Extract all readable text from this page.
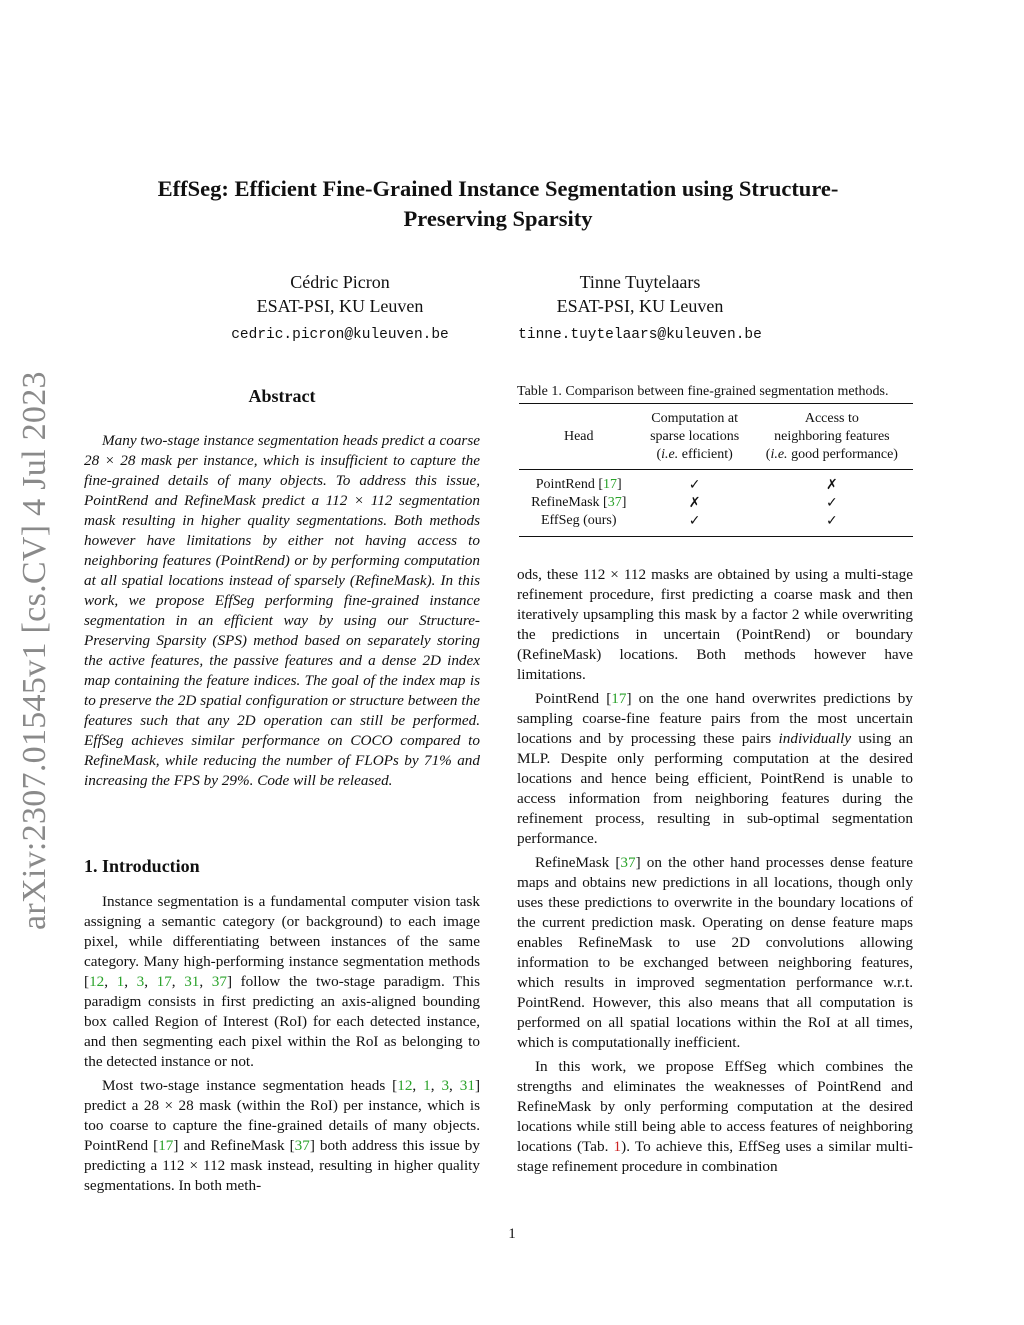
arXiv:2307.01545v1 [cs.CV] 4 Jul 2023
EffSeg: Efficient Fine-Grained Instance Segmentation using Structure-Preserving Sparsity
Cédric Picron
ESAT-PSI, KU Leuven
cedric.picron@kuleuven.be
Tinne Tuytelaars
ESAT-PSI, KU Leuven
tinne.tuytelaars@kuleuven.be
Abstract

Many two-stage instance segmentation heads predict a coarse 28 × 28 mask per instance, which is insufficient to capture the fine-grained details of many objects. To address this issue, PointRend and RefineMask predict a 112 × 112 segmentation mask resulting in higher quality segmentations. Both methods however have limitations by either not having access to neighboring features (PointRend) or by performing computation at all spatial locations instead of sparsely (RefineMask). In this work, we propose EffSeg performing fine-grained instance segmentation in an efficient way by using our Structure-Preserving Sparsity (SPS) method based on separately storing the active features, the passive features and a dense 2D index map containing the feature indices. The goal of the index map is to preserve the 2D spatial configuration or structure between the features such that any 2D operation can still be performed. EffSeg achieves similar performance on COCO compared to RefineMask, while reducing the number of FLOPs by 71% and increasing the FPS by 29%. Code will be released.

1. Introduction

Instance segmentation is a fundamental computer vision task assigning a semantic category (or background) to each image pixel, while differentiating between instances of the same category. Many high-performing instance segmentation methods [12, 1, 3, 17, 31, 37] follow the two-stage paradigm. This paradigm consists in first predicting an axis-aligned bounding box called Region of Interest (RoI) for each detected instance, and then segmenting each pixel within the RoI as belonging to the detected instance or not.

Most two-stage instance segmentation heads [12, 1, 3, 31] predict a 28 × 28 mask (within the RoI) per instance, which is too coarse to capture the fine-grained details of many objects. PointRend [17] and RefineMask [37] both address this issue by predicting a 112 × 112 mask instead, resulting in higher quality segmentations. In both meth-

Table 1. Comparison between fine-grained segmentation methods.
Head	Computation at
sparse locations
(i.e. efficient)	Access to
neighboring features
(i.e. good performance)
PointRend [17]	✓	✗
RefineMask [37]	✗	✓
EffSeg (ours)	✓	✓

ods, these 112 × 112 masks are obtained by using a multi-stage refinement procedure, first predicting a coarse mask and then iteratively upsampling this mask by a factor 2 while overwriting the predictions in uncertain (PointRend) or boundary (RefineMask) locations. Both methods however have limitations.

PointRend [17] on the one hand overwrites predictions by sampling coarse-fine feature pairs from the most uncertain locations and by processing these pairs individually using an MLP. Despite only performing computation at the desired locations and hence being efficient, PointRend is unable to access information from neighboring features during the refinement process, resulting in sub-optimal segmentation performance.

RefineMask [37] on the other hand processes dense feature maps and obtains new predictions in all locations, though only uses these predictions to overwrite in the boundary locations of the current prediction mask. Operating on dense feature maps enables RefineMask to use 2D convolutions allowing information to be exchanged between neighboring features, which results in improved segmentation performance w.r.t. PointRend. However, this also means that all computation is performed on all spatial locations within the RoI at all times, which is computationally inefficient.

In this work, we propose EffSeg which combines the strengths and eliminates the weaknesses of PointRend and RefineMask by only performing computation at the desired locations while still being able to access features of neighboring locations (Tab. 1). To achieve this, EffSeg uses a similar multi-stage refinement procedure in combination

1
